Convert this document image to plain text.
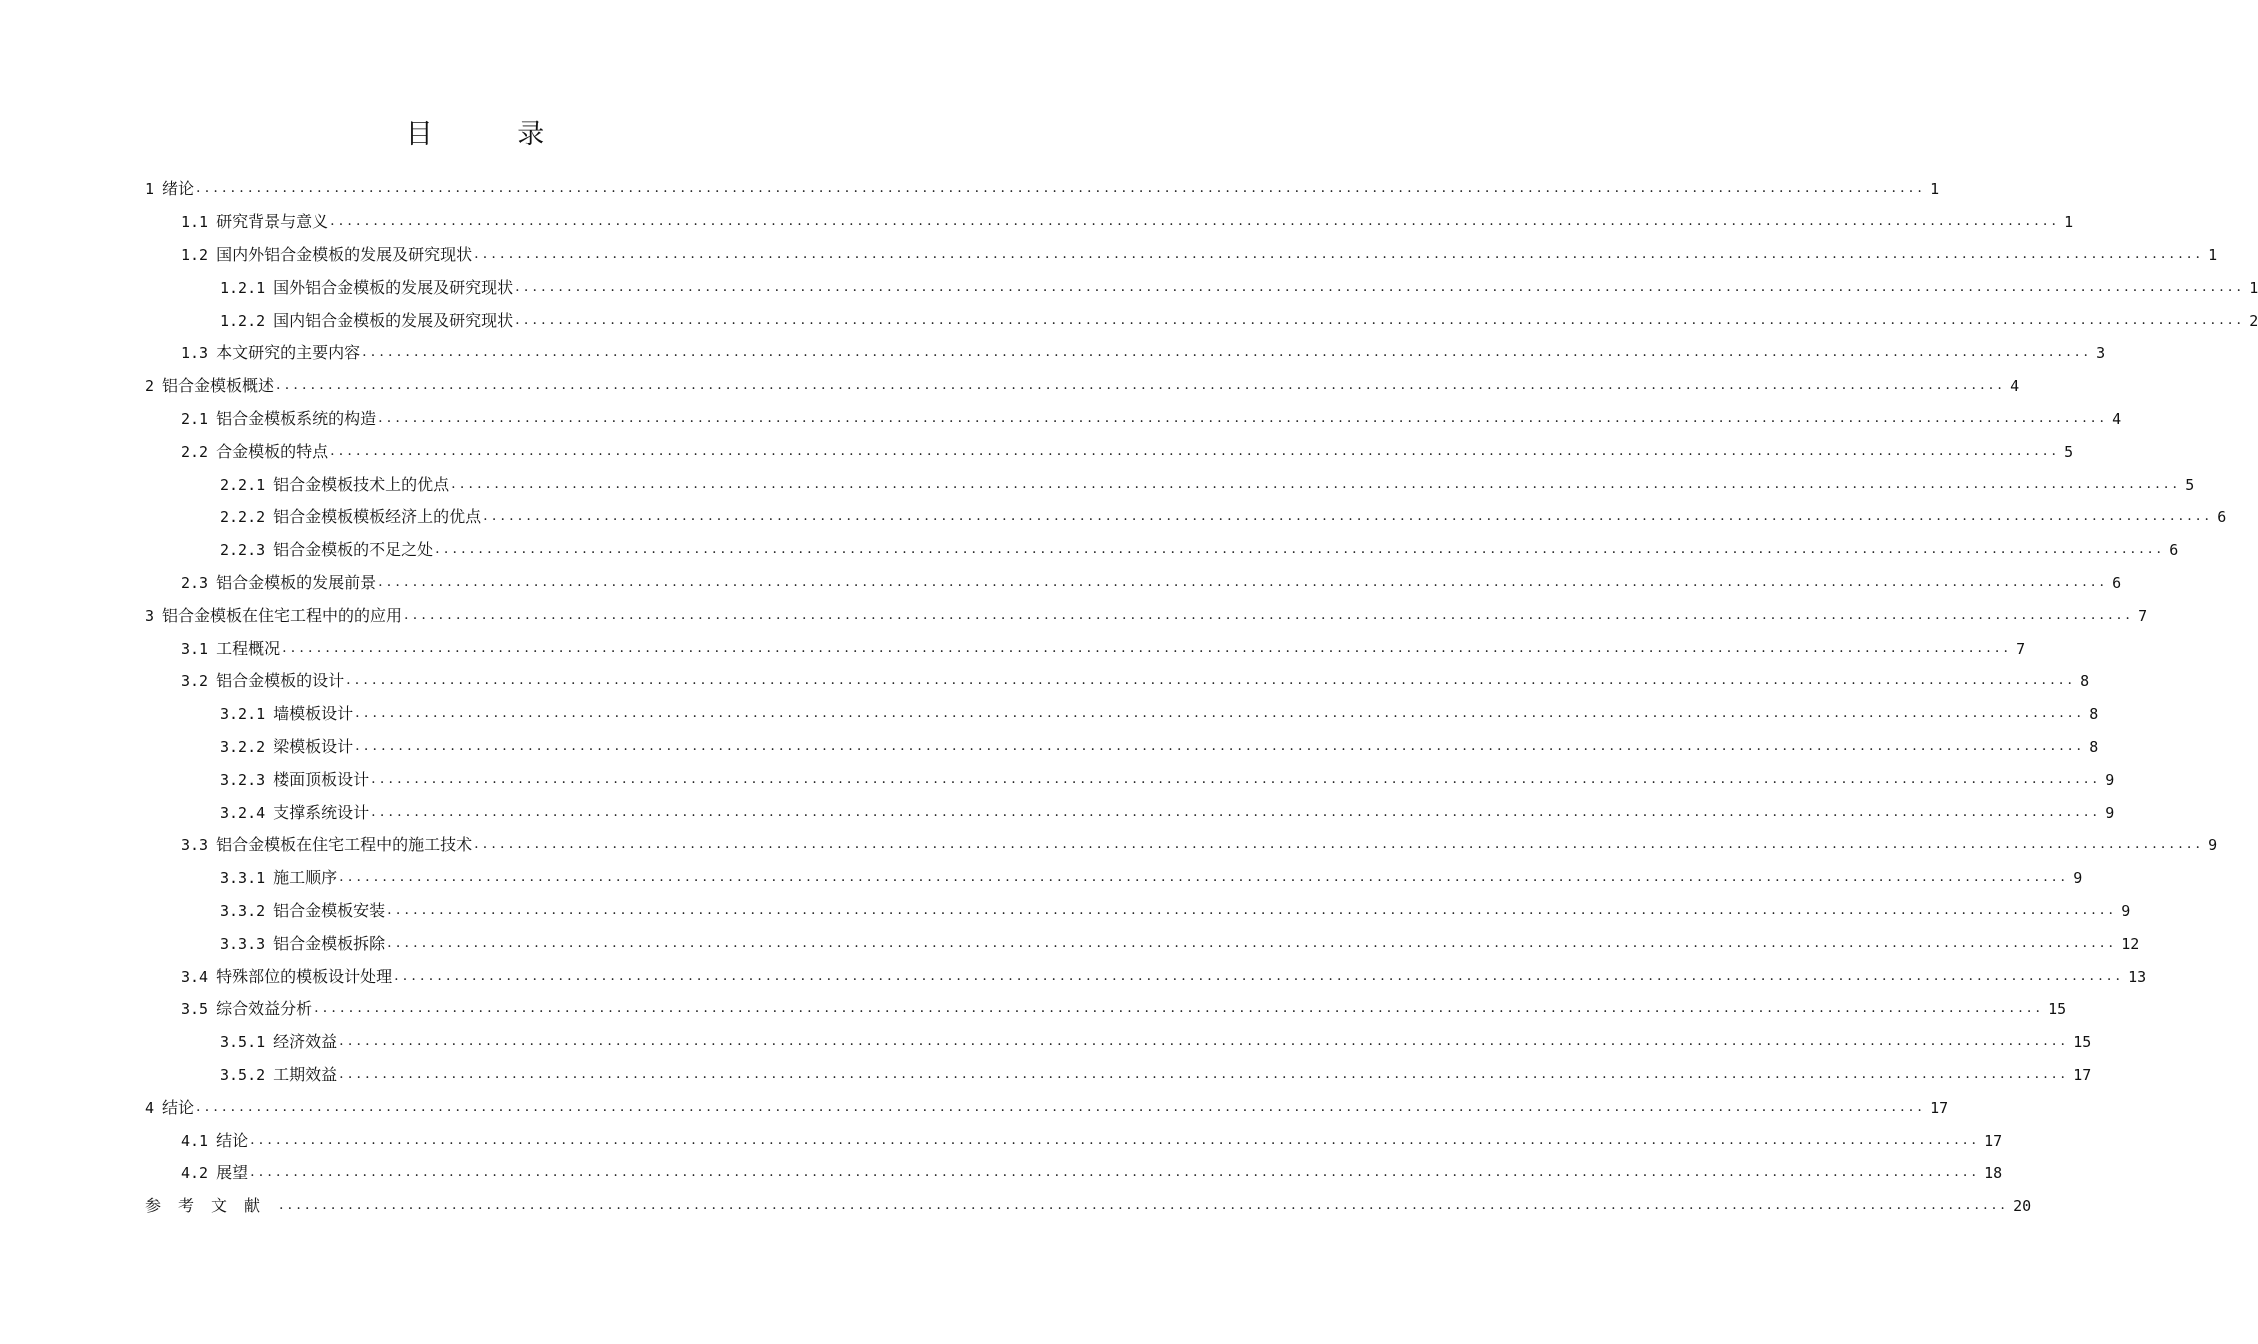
目 录
1 绪论 ........................................................................................................................................................................................................ 1
1.1 研究背景与意义 ........................................................................................................................................................................................................ 1
1.2 国内外铝合金模板的发展及研究现状 ........................................................................................................................................................................................................ 1
1.2.1 国外铝合金模板的发展及研究现状 ........................................................................................................................................................................................................ 1
1.2.2 国内铝合金模板的发展及研究现状 ........................................................................................................................................................................................................ 2
1.3 本文研究的主要内容 ........................................................................................................................................................................................................ 3
2 铝合金模板概述 ........................................................................................................................................................................................................ 4
2.1 铝合金模板系统的构造 ........................................................................................................................................................................................................ 4
2.2 合金模板的特点 ........................................................................................................................................................................................................ 5
2.2.1 铝合金模板技术上的优点 ........................................................................................................................................................................................................ 5
2.2.2 铝合金模板模板经济上的优点 ........................................................................................................................................................................................................ 6
2.2.3 铝合金模板的不足之处 ........................................................................................................................................................................................................ 6
2.3 铝合金模板的发展前景 ........................................................................................................................................................................................................ 6
3 铝合金模板在住宅工程中的的应用 ........................................................................................................................................................................................................ 7
3.1 工程概况 ........................................................................................................................................................................................................ 7
3.2 铝合金模板的设计 ........................................................................................................................................................................................................ 8
3.2.1 墙模板设计 ........................................................................................................................................................................................................ 8
3.2.2 梁模板设计 ........................................................................................................................................................................................................ 8
3.2.3 楼面顶板设计 ........................................................................................................................................................................................................ 9
3.2.4 支撑系统设计 ........................................................................................................................................................................................................ 9
3.3 铝合金模板在住宅工程中的施工技术 ........................................................................................................................................................................................................ 9
3.3.1 施工顺序 ........................................................................................................................................................................................................ 9
3.3.2 铝合金模板安装 ........................................................................................................................................................................................................ 9
3.3.3 铝合金模板拆除 ........................................................................................................................................................................................................ 12
3.4 特殊部位的模板设计处理 ........................................................................................................................................................................................................ 13
3.5 综合效益分析 ........................................................................................................................................................................................................ 15
3.5.1 经济效益 ........................................................................................................................................................................................................ 15
3.5.2 工期效益 ........................................................................................................................................................................................................ 17
4 结论 ........................................................................................................................................................................................................ 17
4.1 结论 ........................................................................................................................................................................................................ 17
4.2 展望 ........................................................................................................................................................................................................ 18
参考文献 ........................................................................................................................................................................................................ 20
